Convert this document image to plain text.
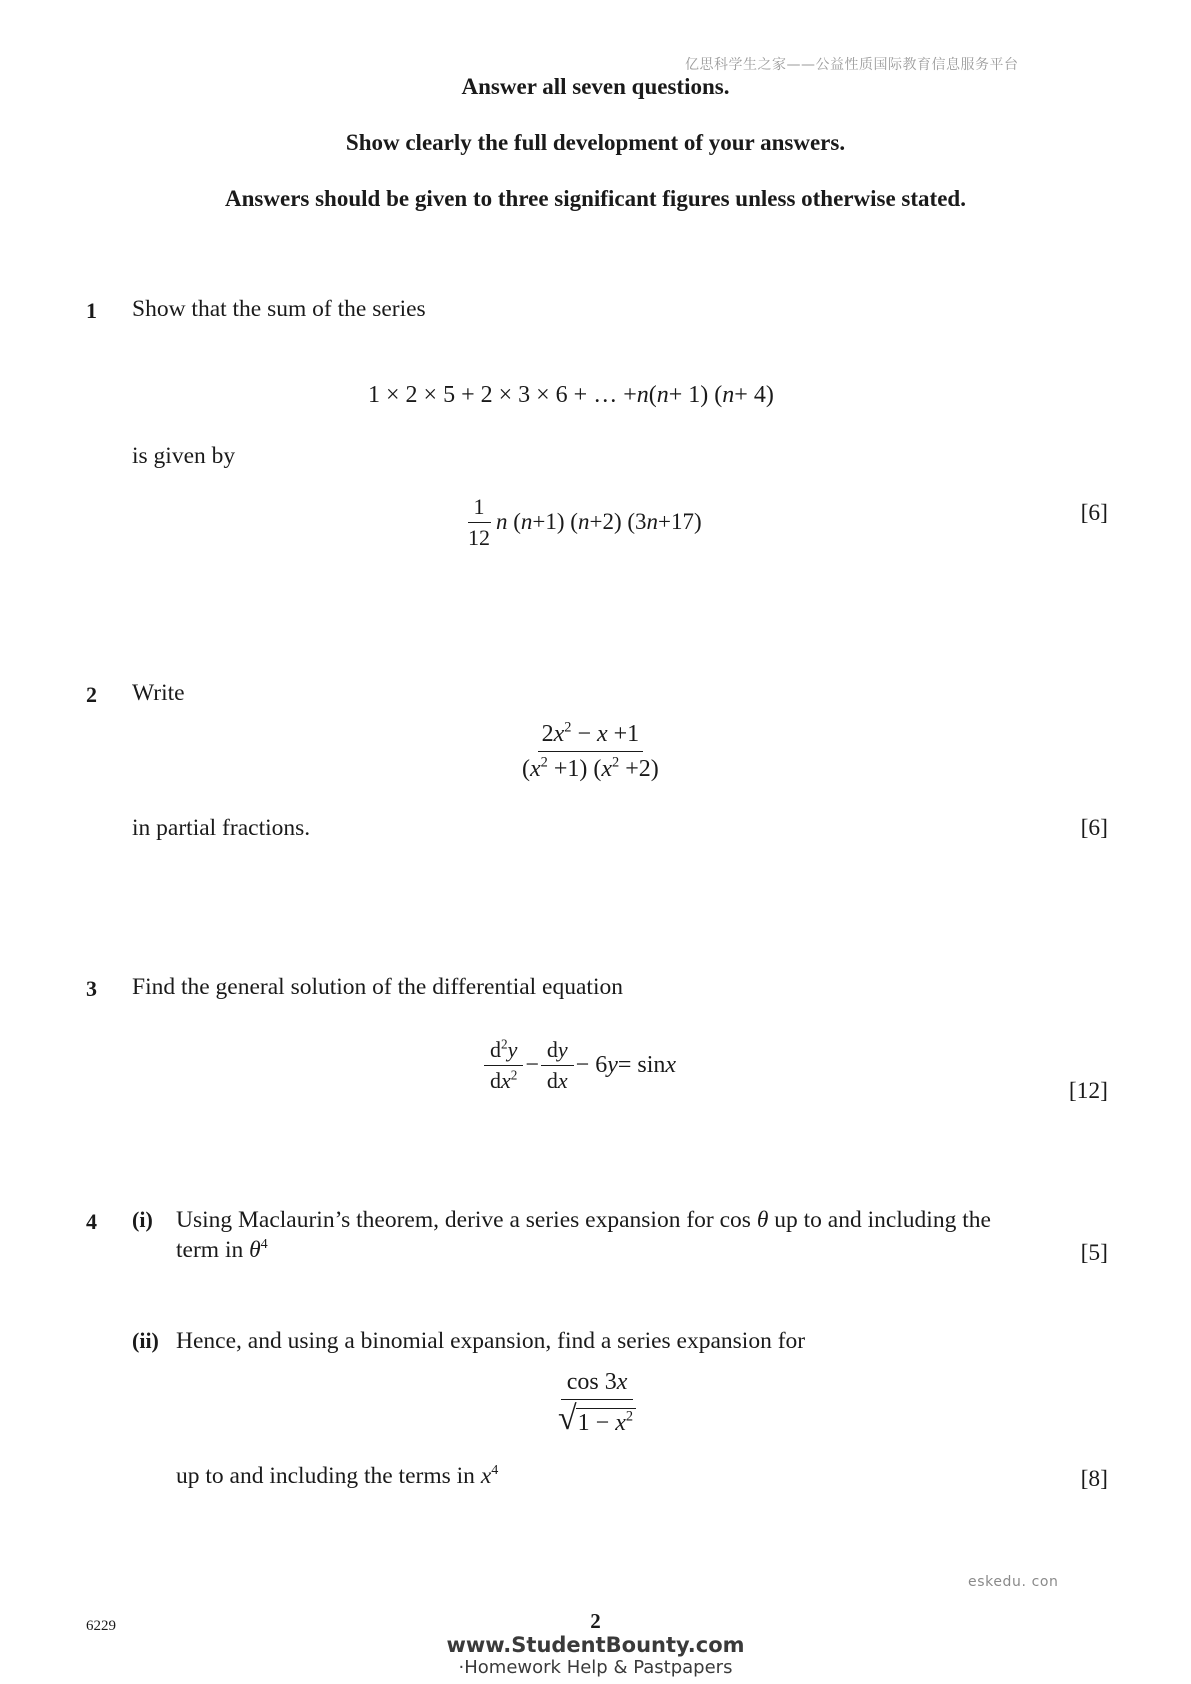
亿思科学生之家——公益性质国际教育信息服务平台
Answer all seven questions.
Show clearly the full development of your answers.
Answers should be given to three significant figures unless otherwise stated.
1 Show that the sum of the series
1 × 2 × 5 + 2 × 3 × 6 + … + n ( n + 1) ( n + 4)
is given by
$\frac{1}{12}$ n (n+1) (n+2) (3n+17)	[6]
2 Write
$\frac{2x^2 - x +1}{(x^2 +1) (x^2 +2)}$
in partial fractions.	[6]
3 Find the general solution of the differential equation
$\frac{d^2y}{dx^2} - \frac{dy}{dx} - 6$ y = sin x
[12]
4 (i) Using Maclaurin’s theorem, derive a series expansion for cos θ up to and including the
term in $\theta^4$	[5]
(ii) Hence, and using a binomial expansion, find a series expansion for
$\frac{\cos 3x}{√ 1 - x^2}$
up to and including the terms in $x^4$	[8]
eskedu. con
6229	2
www.StudentBounty.com
·Homework Help & Pastpapers
